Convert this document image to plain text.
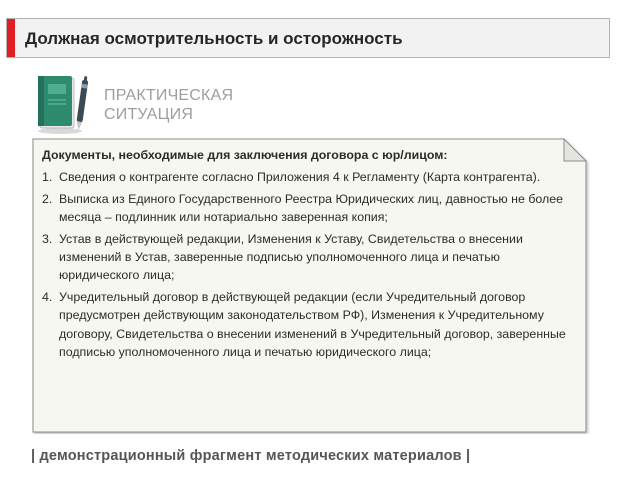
Должная осмотрительность и осторожность
ПРАКТИЧЕСКАЯ
СИТУАЦИЯ
Документы, необходимые для заключения договора с юр/лицом:
1. Сведения о контрагенте согласно Приложения 4 к Регламенту (Карта контрагента).
2. Выписка из Единого Государственного Реестра Юридических лиц, давностью не более месяца – подлинник или нотариально заверенная копия;
3. Устав в действующей редакции, Изменения к Уставу, Свидетельства о внесении изменений в Устав, заверенные подписью уполномоченного лица и печатью юридического лица;
4. Учредительный договор в действующей редакции (если Учредительный договор предусмотрен действующим законодательством РФ), Изменения к Учредительному договору, Свидетельства о внесении изменений в Учредительный договор, заверенные подписью уполномоченного лица и печатью юридического лица;
| демонстрационный фрагмент методических материалов |
